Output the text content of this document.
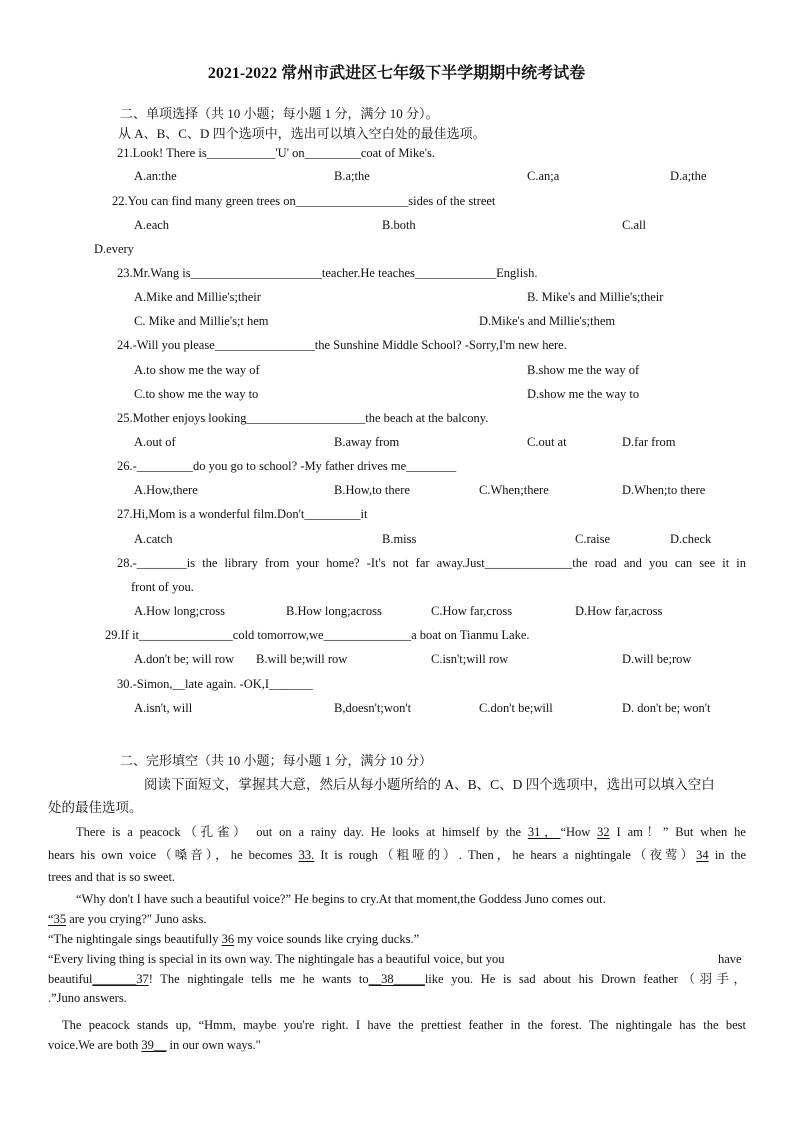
2021-2022 常州市武进区七年级下半学期期中统考试卷
二、单项选择（共 10 小题；每小题 1 分，满分 10 分）。
从 A、B、C、D 四个选项中，选出可以填入空白处的最佳选项。
21.Look! There is___________'U' on_________coat of Mike's.
A.an:the	B.a;the	C.an;a	D.a;the
22.You can find many green trees on__________________sides of the street
A.each	B.both	C.all
D.every
23.Mr.Wang is_____________________teacher.He teaches_____________English.
A.Mike and Millie's;their	B. Mike's and Millie's;their
C. Mike and Millie's;t hem	D.Mike's and Millie's;them
24.-Will you please________________the Sunshine Middle School? -Sorry,I'm new here.
A.to show me the way of	B.show me the way of
C.to show me the way to	D.show me the way to
25.Mother enjoys looking___________________the beach at the balcony.
A.out of	B.away from	C.out at	D.far from
26.-_________do you go to school? -My father drives me________
A.How,there	B.How,to there	C.When;there	D.When;to there
27.Hi,Mom is a wonderful film.Don't_________it
A.catch	B.miss	C.raise	D.check
28.-________is the library from your home? -It's not far away.Just______________the road and you can see it in
front of you.
A.How long;cross	B.How long;across	C.How far,cross	D.How far,across
29.If it_______________cold tomorrow,we______________a boat on Tianmu Lake.
A.don't be; will row B.will be;will row	C.isn't;will row	D.will be;row
30.-Simon,__late again. -OK,I_______
A.isn't, will	B,doesn't;won't	C.don't be;will	D. don't be; won't
二、完形填空（共 10 小题；每小题 1 分，满分 10 分）
阅读下面短文，掌握其大意，然后从每小题所给的 A、B、C、D 四个选项中，选出可以填入空白
处的最佳选项。
There is a peacock（孔雀） out on a rainy day. He looks at himself by the 31，“How 32 I am！” But when he
hears his own voice（嗓音），he becomes 33. It is rough（粗哑的）. Then，he hears a nightingale（夜莺）34 in the
trees and that is so sweet.
“Why don't I have such a beautiful voice?” He begins to cry.At that moment,the Goddess Juno comes out.
“35 are you crying?" Juno asks.
“The nightingale sings beautifully 36 my voice sounds like crying ducks.”
“Every living thing is special in its own way. The nightingale has a beautiful voice, but you	have
beautiful_______37! The nightingale tells me he wants to__38_____like you. He is sad about his Drown feather（羽手，
.”Juno answers.
The peacock stands up, “Hmm, maybe you're right. I have the prettiest feather in the forest. The nightingale has the best
voice.We are both 39__ in our own ways."
